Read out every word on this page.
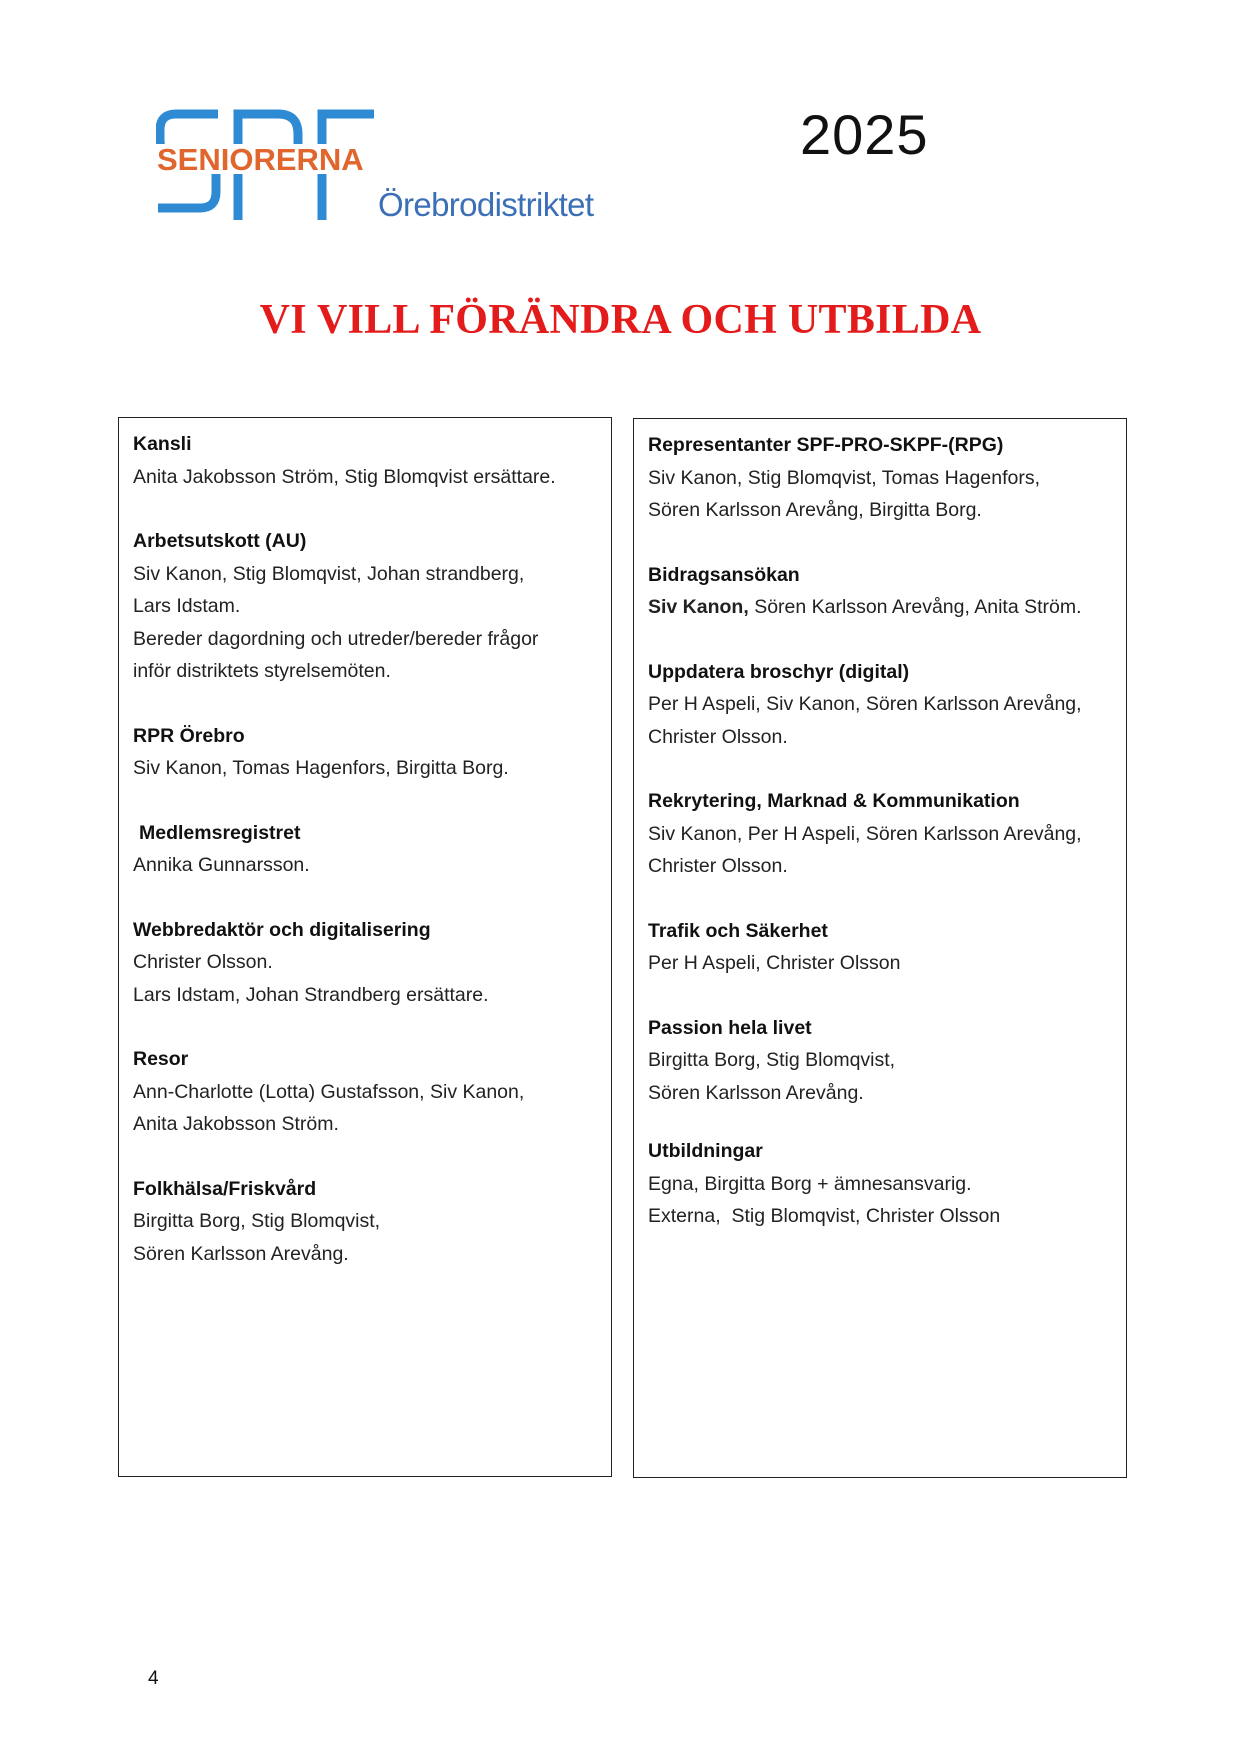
SENIORERNA
Örebrodistriktet
2025
VI VILL FÖRÄNDRA OCH UTBILDA
Kansli
Anita Jakobsson Ström, Stig Blomqvist ersättare.
Arbetsutskott (AU)
Siv Kanon, Stig Blomqvist, Johan strandberg,
Lars Idstam.
Bereder dagordning och utreder/bereder frågor
inför distriktets styrelsemöten.
RPR Örebro
Siv Kanon, Tomas Hagenfors, Birgitta Borg.
Medlemsregistret
Annika Gunnarsson.
Webbredaktör och digitalisering
Christer Olsson.
Lars Idstam, Johan Strandberg ersättare.
Resor
Ann-Charlotte (Lotta) Gustafsson, Siv Kanon,
Anita Jakobsson Ström.
Folkhälsa/Friskvård
Birgitta Borg, Stig Blomqvist,
Sören Karlsson Arevång.
Representanter SPF-PRO-SKPF-(RPG)
Siv Kanon, Stig Blomqvist, Tomas Hagenfors,
Sören Karlsson Arevång, Birgitta Borg.
Bidragsansökan
Siv Kanon, Sören Karlsson Arevång, Anita Ström.
Uppdatera broschyr (digital)
Per H Aspeli, Siv Kanon, Sören Karlsson Arevång,
Christer Olsson.
Rekrytering, Marknad & Kommunikation
Siv Kanon, Per H Aspeli, Sören Karlsson Arevång,
Christer Olsson.
Trafik och Säkerhet
Per H Aspeli, Christer Olsson
Passion hela livet
Birgitta Borg, Stig Blomqvist,
Sören Karlsson Arevång.
Utbildningar
Egna, Birgitta Borg + ämnesansvarig.
Externa,  Stig Blomqvist, Christer Olsson
4
